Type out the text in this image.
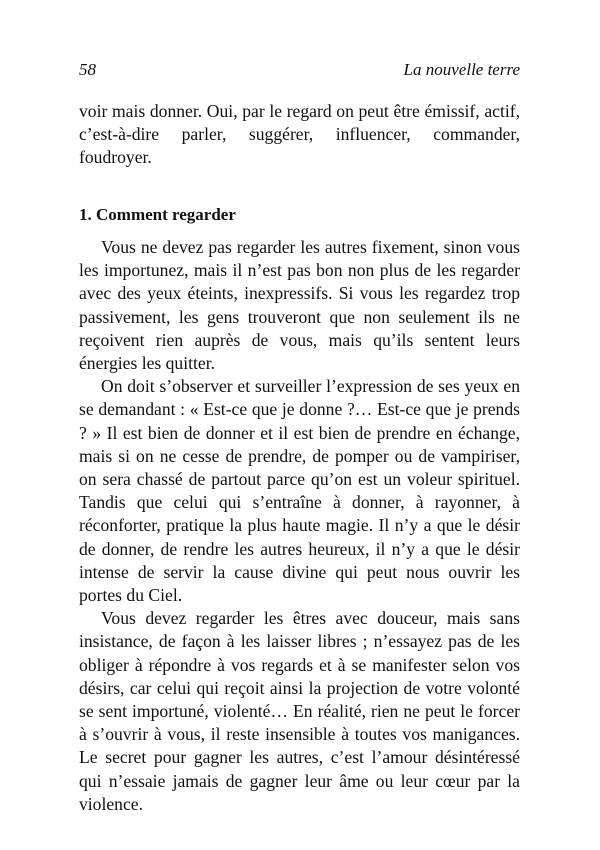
58	La nouvelle terre

voir mais donner. Oui, par le regard on peut être émissif, actif, c’est-à-dire parler, suggérer, influencer, commander, foudroyer.

1. Comment regarder

Vous ne devez pas regarder les autres fixement, sinon vous les importunez, mais il n’est pas bon non plus de les regarder avec des yeux éteints, inexpressifs. Si vous les regardez trop passivement, les gens trouveront que non seulement ils ne reçoivent rien auprès de vous, mais qu’ils sentent leurs énergies les quitter.

On doit s’observer et surveiller l’expression de ses yeux en se demandant : « Est-ce que je donne ?… Est-ce que je prends ? » Il est bien de donner et il est bien de prendre en échange, mais si on ne cesse de prendre, de pomper ou de vampiriser, on sera chassé de partout parce qu’on est un voleur spirituel. Tandis que celui qui s’entraîne à donner, à rayonner, à réconforter, pratique la plus haute magie. Il n’y a que le désir de donner, de rendre les autres heureux, il n’y a que le désir intense de servir la cause divine qui peut nous ouvrir les portes du Ciel.

Vous devez regarder les êtres avec douceur, mais sans insistance, de façon à les laisser libres ; n’essayez pas de les obliger à répondre à vos regards et à se manifester selon vos désirs, car celui qui reçoit ainsi la projection de votre volonté se sent importuné, violenté… En réalité, rien ne peut le forcer à s’ouvrir à vous, il reste insensible à toutes vos manigances. Le secret pour gagner les autres, c’est l’amour désintéressé qui n’essaie jamais de gagner leur âme ou leur cœur par la violence.
